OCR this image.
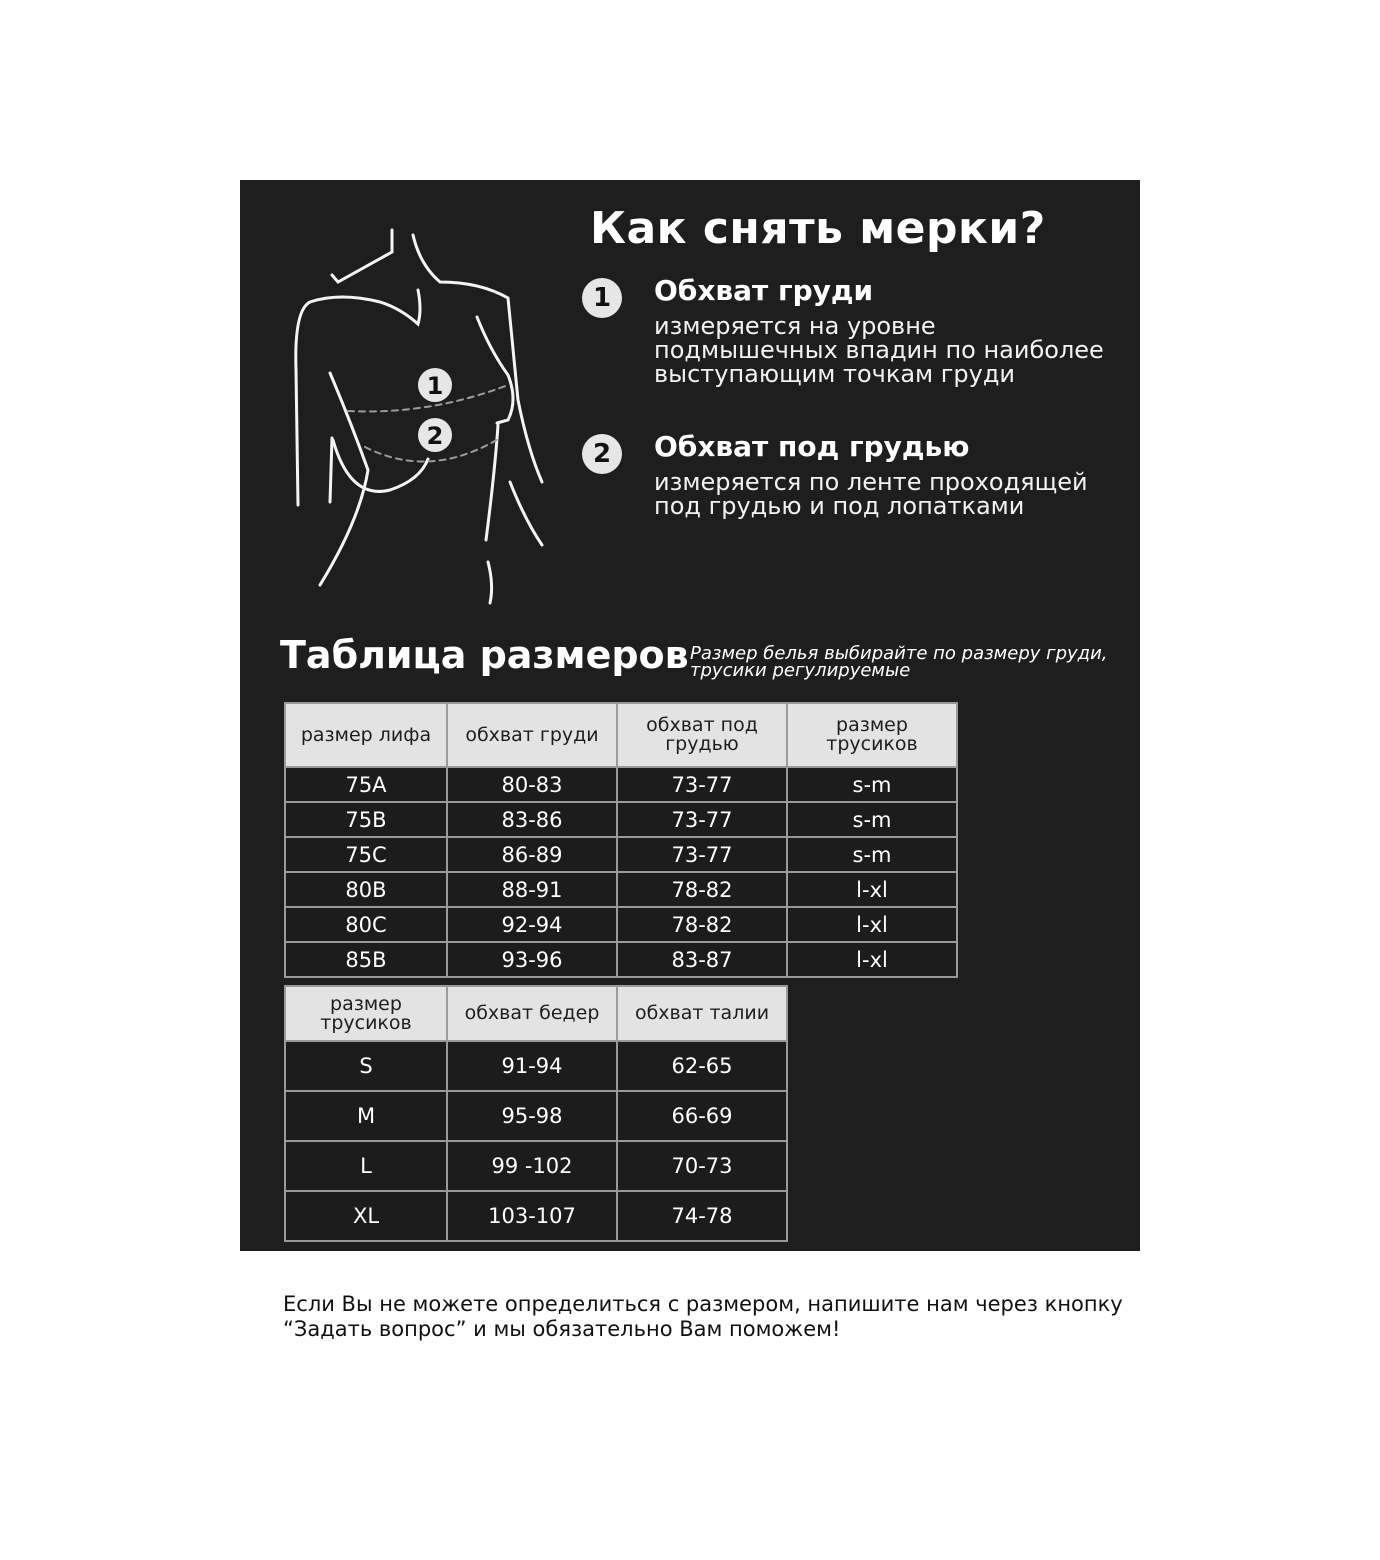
1
2
Как снять мерки?
1	Обхват груди
измеряется на уровне подмышечных впадин по наиболее выступающим точкам груди
2	Обхват под грудью
измеряется по ленте проходящей под грудью и под лопатками
Таблица размеров Размер белья выбирайте по размеру груди, трусики регулируемые
размер лифа	обхват груди	обхват под грудью	размер трусиков
75A	80-83	73-77	s-m
75B	83-86	73-77	s-m
75C	86-89	73-77	s-m
80B	88-91	78-82	l-xl
80C	92-94	78-82	l-xl
85B	93-96	83-87	l-xl
размер трусиков	обхват бедер	обхват талии
S	91-94	62-65
M	95-98	66-69
L	99 -102	70-73
XL	103-107	74-78
Если Вы не можете определиться с размером, напишите нам через кнопку “Задать вопрос” и мы обязательно Вам поможем!
